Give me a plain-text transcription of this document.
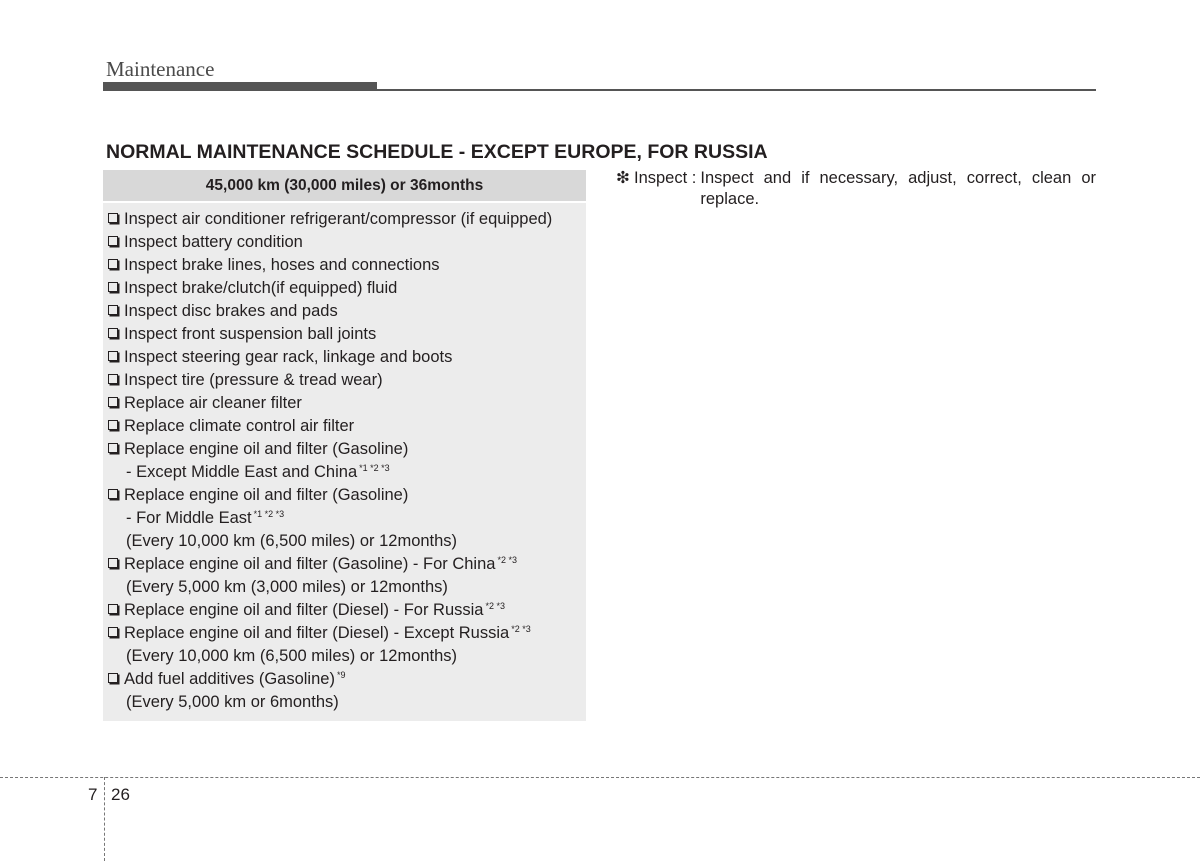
Maintenance
NORMAL MAINTENANCE SCHEDULE - EXCEPT EUROPE, FOR RUSSIA
45,000 km (30,000 miles) or 36months
Inspect air conditioner refrigerant/compressor (if equipped)
Inspect battery condition
Inspect brake lines, hoses and connections
Inspect brake/clutch(if equipped) fluid
Inspect disc brakes and pads
Inspect front suspension ball joints
Inspect steering gear rack, linkage and boots
Inspect tire (pressure & tread wear)
Replace air cleaner filter
Replace climate control air filter
Replace engine oil and filter (Gasoline)
- Except Middle East and China $^{*1 *2 *3}$
Replace engine oil and filter (Gasoline)
- For Middle East $^{*1 *2 *3}$
(Every 10,000 km (6,500 miles) or 12months)
Replace engine oil and filter (Gasoline) - For China $^{*2 *3}$
(Every 5,000 km (3,000 miles) or 12months)
Replace engine oil and filter (Diesel) - For Russia $^{*2 *3}$
Replace engine oil and filter (Diesel) - Except Russia $^{*2 *3}$
(Every 10,000 km (6,500 miles) or 12months)
Add fuel additives (Gasoline) $^{*9}$
(Every 5,000 km or 6months)
❇ Inspect : Inspect and if necessary, adjust, correct, clean or replace.
7 26
